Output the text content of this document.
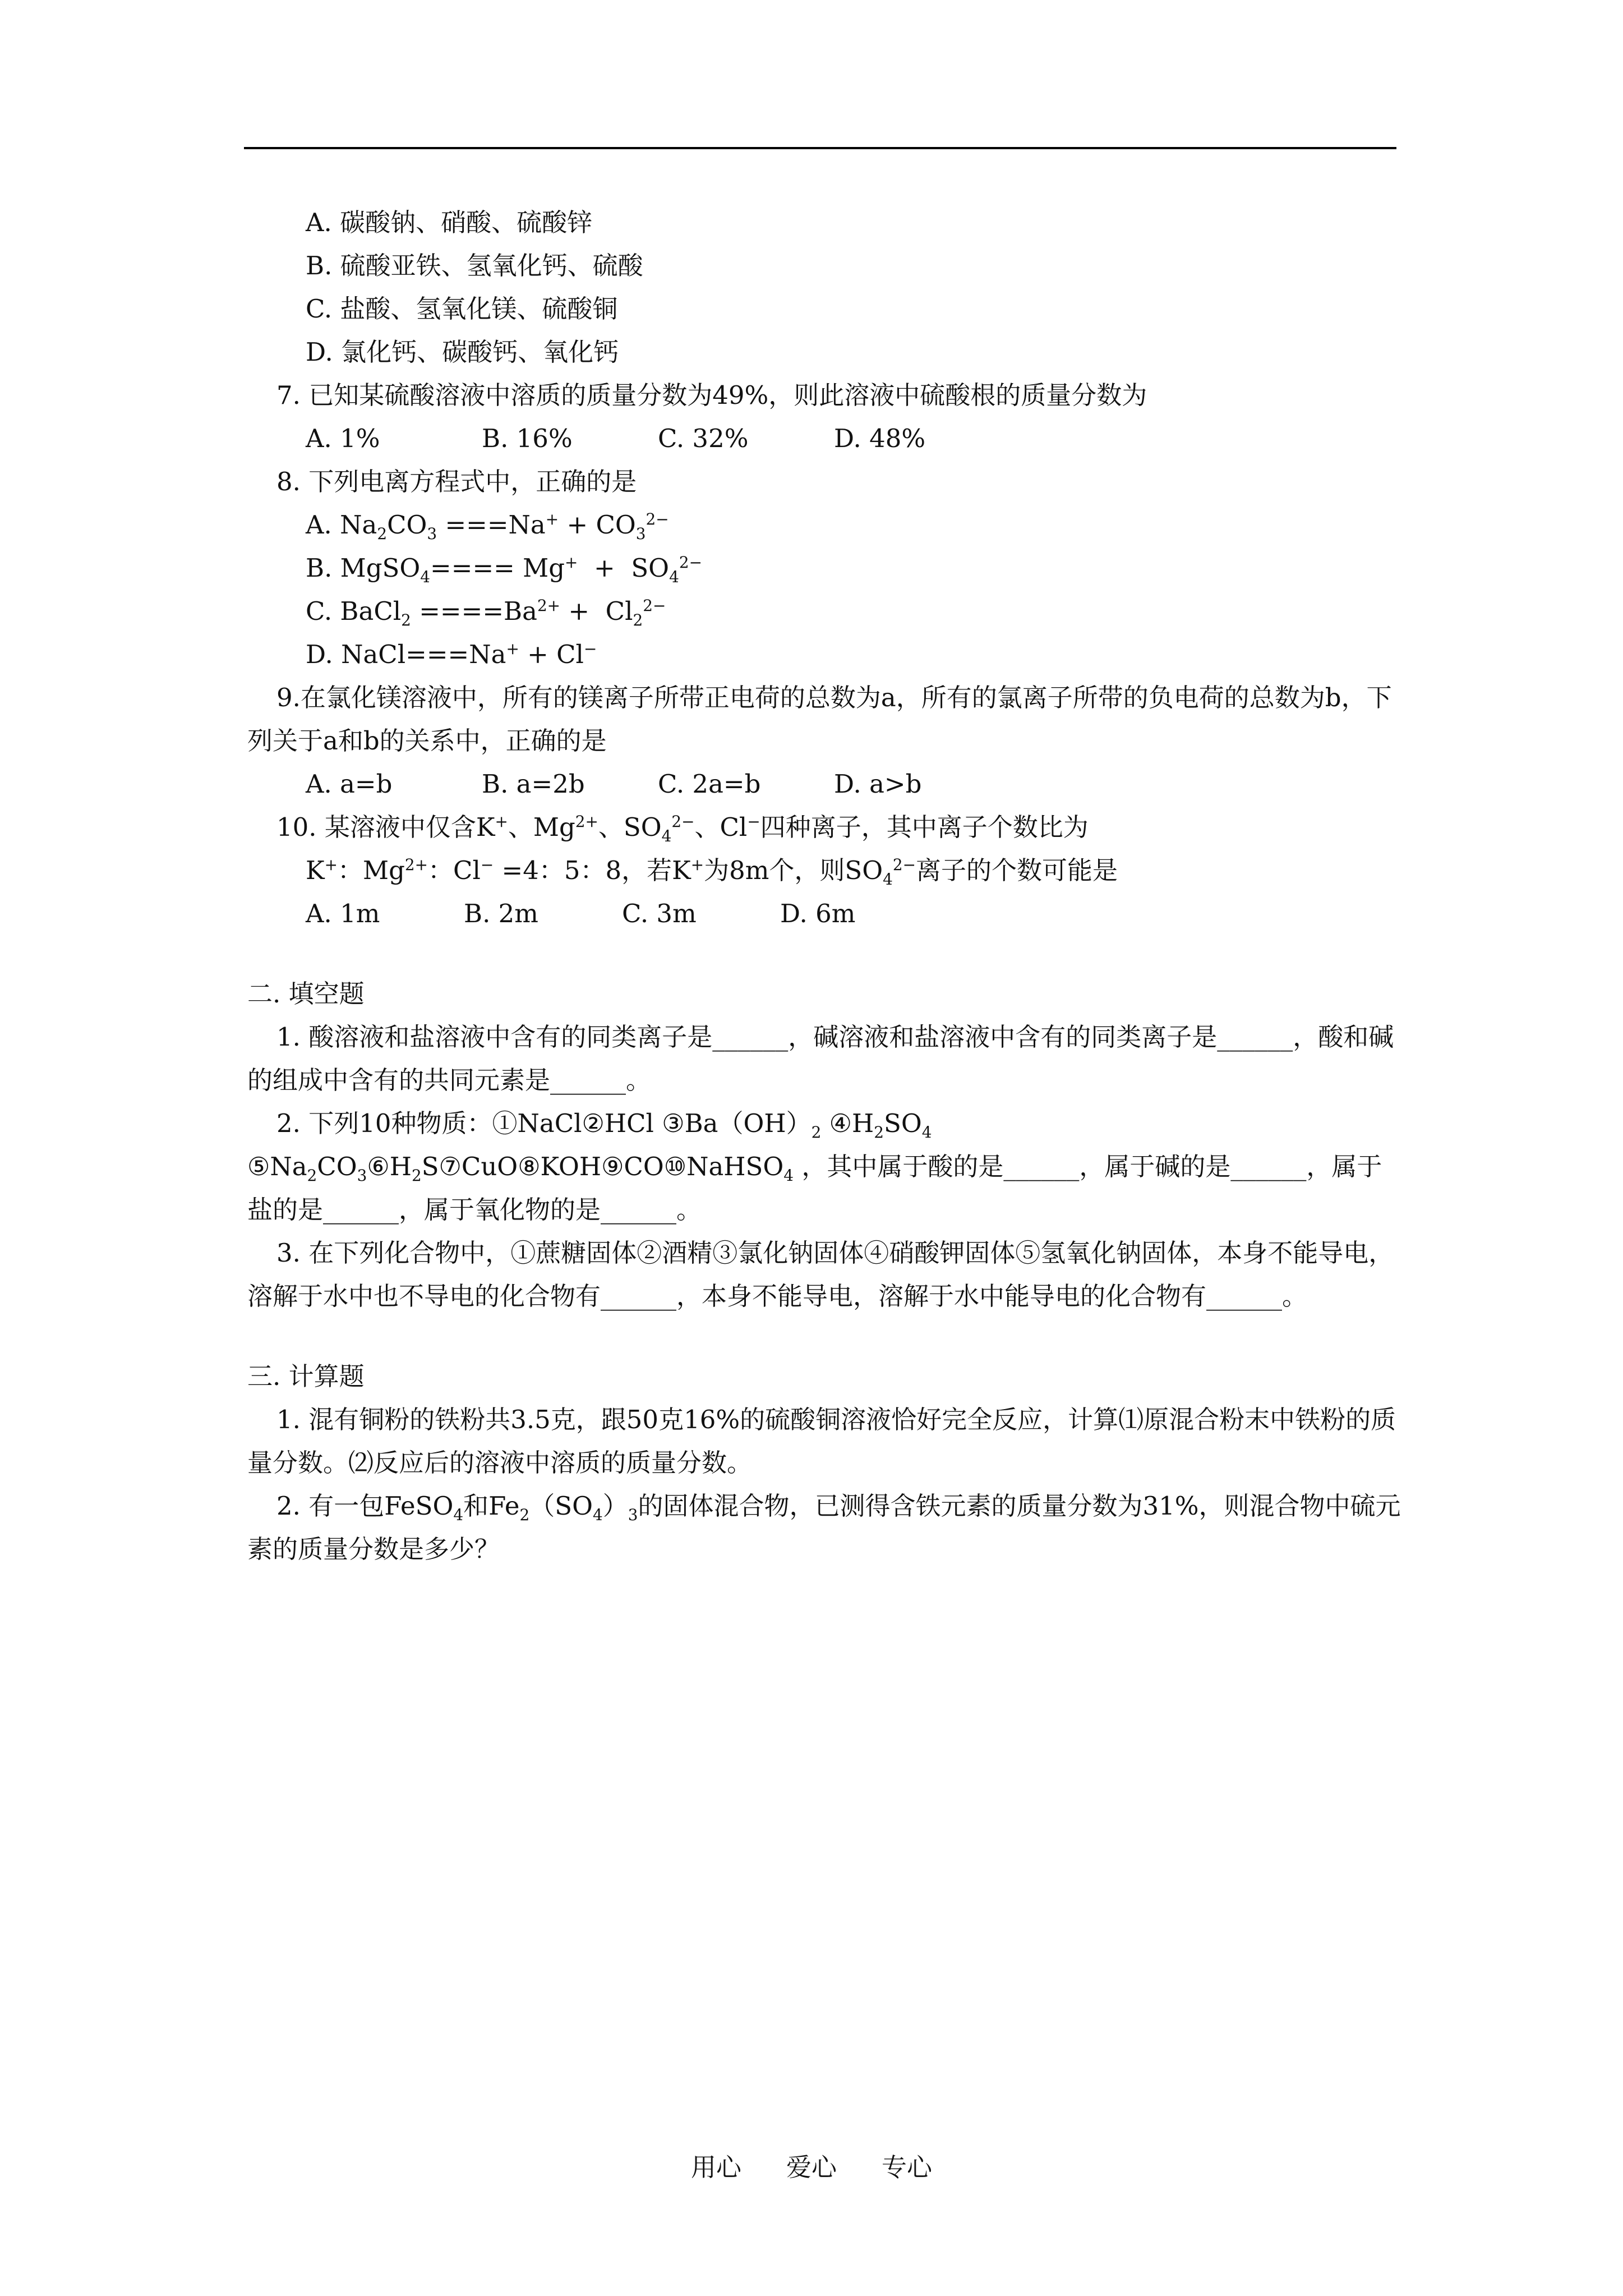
A. 碳酸钠、硝酸、硫酸锌
B. 硫酸亚铁、氢氧化钙、硫酸
C. 盐酸、氢氧化镁、硫酸铜
D. 氯化钙、碳酸钙、氧化钙
7. 已知某硫酸溶液中溶质的质量分数为49%，则此溶液中硫酸根的质量分数为
A. 1%	B. 16%	C. 32%	D. 48%
8. 下列电离方程式中，正确的是
A. $Na_2CO_3 ===Na^+ + CO_3^{2-}$
B. MgSO$_4$==== $Mg^+ + SO_4^{2-}$
C. BaCl$_2$ $====Ba^{2+} + Cl_2^{2-}$
D. NaCl===Na+ + Cl−
9.在氯化镁溶液中，所有的镁离子所带正电荷的总数为a，所有的氯离子所带的负电荷的总数为b，下列关于a和b的关系中，正确的是
A. a=b	B. a=2b	C. 2a=b	D. a>b
10. 某溶液中仅含K+、$Mg^{2+}$、$SO_4^{2-}$、Cl−四种离子，其中离子个数比为
K+：$Mg^{2+}$：Cl− =4：5：8，若K+为8m个，则$SO_4^{2-}$离子的个数可能是
A. 1m	B. 2m	C. 3m	D. 6m
二. 填空题
1. 酸溶液和盐溶液中含有的同类离子是______，碱溶液和盐溶液中含有的同类离子是______，酸和碱的组成中含有的共同元素是______。
2. 下列10种物质：①NaCl②HCl $③Ba(OH)_2$ $④H_2SO_4$ $⑤Na_2CO_3⑥H_2S⑦CuO⑧KOH⑨CO⑩NaHSO_4$ ，其中属于酸的是______，属于碱的是______，属于盐的是______，属于氧化物的是______。
3. 在下列化合物中，①蔗糖固体②酒精③氯化钠固体④硝酸钾固体⑤氢氧化钠固体，本身不能导电，溶解于水中也不导电的化合物有______，本身不能导电，溶解于水中能导电的化合物有______。
三. 计算题
1. 混有铜粉的铁粉共3.5克，跟50克16%的硫酸铜溶液恰好完全反应，计算⑴原混合粉末中铁粉的质量分数。⑵反应后的溶液中溶质的质量分数。
2. 有一包FeSO$_4$和$Fe_2(SO_4)_3$的固体混合物，已测得含铁元素的质量分数为31%，则混合物中硫元素的质量分数是多少？
用心 爱心 专心
